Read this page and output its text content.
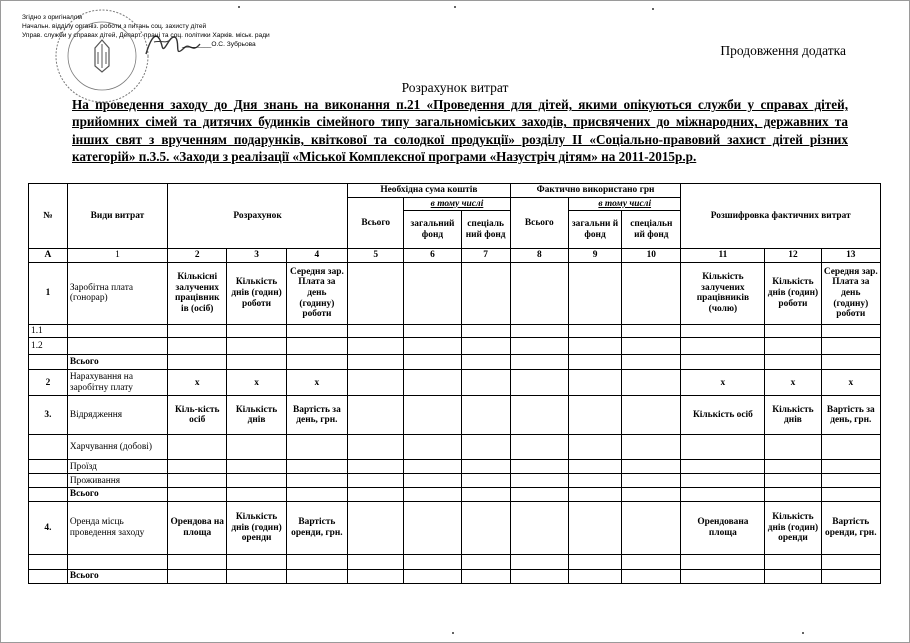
Згідно з оригіналом
Начальн. відділу організ. роботи з питань соц. захисту дітей
Управ. служби у справах дітей, Департ. праці та соц. політики Харків. міськ. ради
________О.С. Зубрьова	Продовження додатка
Розрахунок витрат
На проведення заходу до Дня знань на виконання п.21 «Проведення для дітей, якими опікуються служби у справах дітей, прийомних сімей та дитячих будинків сімейного типу загальноміських заходів, присвячених до міжнародних, державних та інших свят з врученням подарунків, квіткової та солодкої продукції» розділу II «Соціально-правовий захист дітей різних категорій» п.3.5. «Заходи з реалізації «Міської Комплексної програми «Назустріч дітям» на 2011-2015р.р.
№	Види витрат	Розрахунок			Необхідна сума коштів			Фактично використано грн			Розшифровка фактичних витрат		
					Всього	в тому числі		Всього	в тому числі				
						загальний фонд	спеціаль ний фонд		загальни й фонд	спеціальн ий фонд			
А	1	2	3	4	5	6	7	8	9	10	11	12	13
1	Заробітна плата (гонорар)	Кількісні залучених працівник ів (осіб)	Кількість днів (годин) роботи	Середня зар. Плата за день (годину) роботи							Кількість залучених працівників (чолю)	Кількість днів (годин) роботи	Середня зар. Плата за день (годину) роботи
1.1													
1.2													
	Всього												
2	Нарахування на заробітну плату	х	х	х							х	х	х
3.	Відрядження	Кіль-кість осіб	Кількість днів	Вартість за день, грн.							Кількість осіб	Кількість днів	Вартість за день, грн.
	Харчування (добові)												
	Проїзд												
	Проживання												
	Всього												
4.	Оренда місць проведення заходу	Орендова на площа	Кількість днів (годин) оренди	Вартість оренди, грн.							Орендована площа	Кількість днів (годин) оренди	Вартість оренди, грн.

	Всього												
